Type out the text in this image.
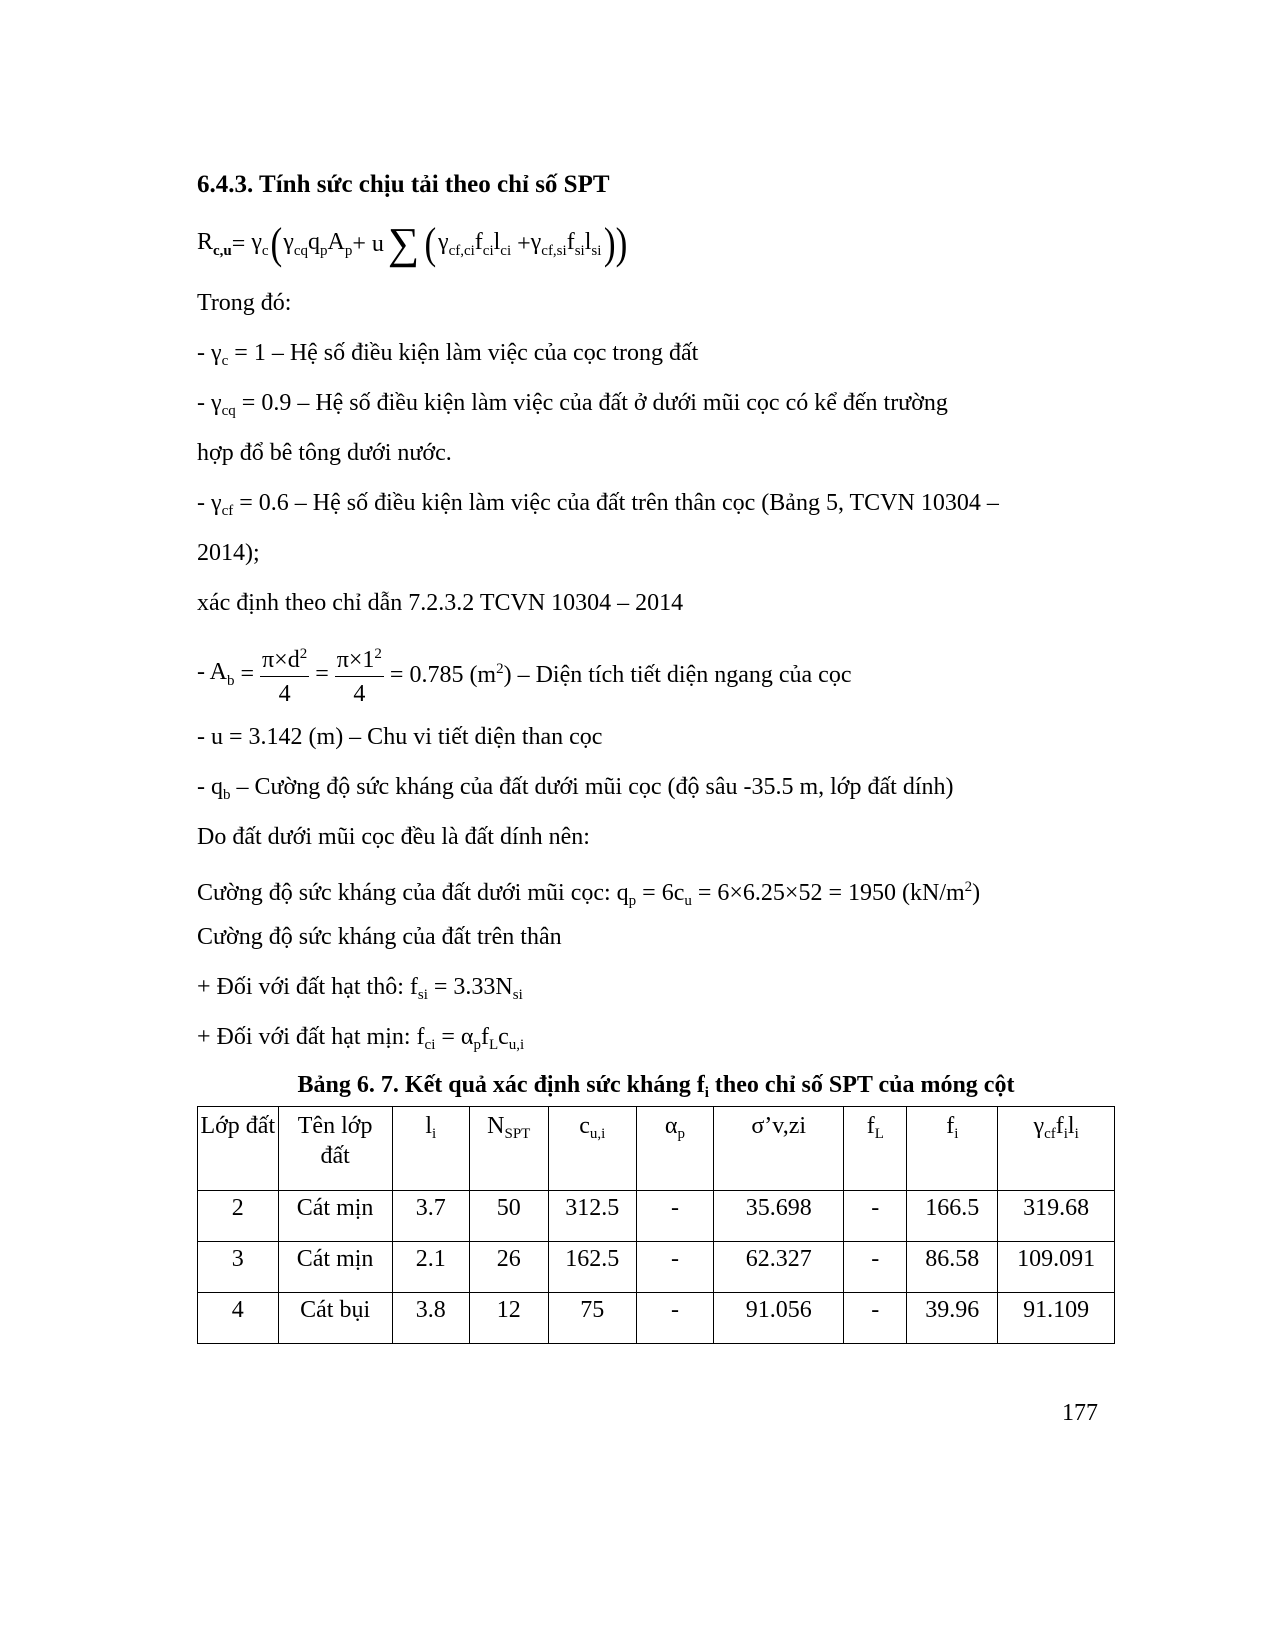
6.4.3. Tính sức chịu tải theo chỉ số SPT
$R_{c,u} = \gamma_c$ ( $\gamma_{cq}q_pA_p + u$ ∑ ( $\gamma_{cf,ci}f_{ci}l_{ci} + \gamma_{cf,si}f_{si}l_{si}$ ))
Trong đó:
- $\gamma_c = 1$ – Hệ số điều kiện làm việc của cọc trong đất
- $\gamma_{cq} = 0.9$ – Hệ số điều kiện làm việc của đất ở dưới mũi cọc có kể đến trường
hợp đổ bê tông dưới nước.
- $\gamma_{cf} = 0.6$ – Hệ số điều kiện làm việc của đất trên thân cọc (Bảng 5, TCVN 10304 –
2014);
xác định theo chỉ dẫn 7.2.3.2 TCVN 10304 – 2014
- $A_b = \frac{\pi\times d^2}{4} = \frac{\pi\times 1^2}{4} = 0.785$ $(m^2)$ – Diện tích tiết diện ngang của cọc
- u = 3.142 (m) – Chu vi tiết diện than cọc
- $q_b$ – Cường độ sức kháng của đất dưới mũi cọc (độ sâu -35.5 m, lớp đất dính)
Do đất dưới mũi cọc đều là đất dính nên:
Cường độ sức kháng của đất dưới mũi cọc: $q_p = 6c_u = 6\times 6.25\times 52 = 1950$ $(kN/m^2)$
Cường độ sức kháng của đất trên thân
+ Đối với đất hạt thô: $f_{si} = 3.33N_{si}$
+ Đối với đất hạt mịn: $f_{ci} = \alpha_pf_Lc_{u,i}$

Bảng 6. 7. Kết quả xác định sức kháng $f_i$ theo chỉ số SPT của móng cột

Lớp đất	Tên lớp đất	$l_i$	$N_{SPT}$	$c_{u,i}$	$\alpha_p$	σ’v,zi	$f_L$	$f_i$	$\gamma_{cf}f_il_i$
2	Cát mịn	3.7	50	312.5	-	35.698	-	166.5	319.68
3	Cát mịn	2.1	26	162.5	-	62.327	-	86.58	109.091
4	Cát bụi	3.8	12	75	-	91.056	-	39.96	91.109
177
